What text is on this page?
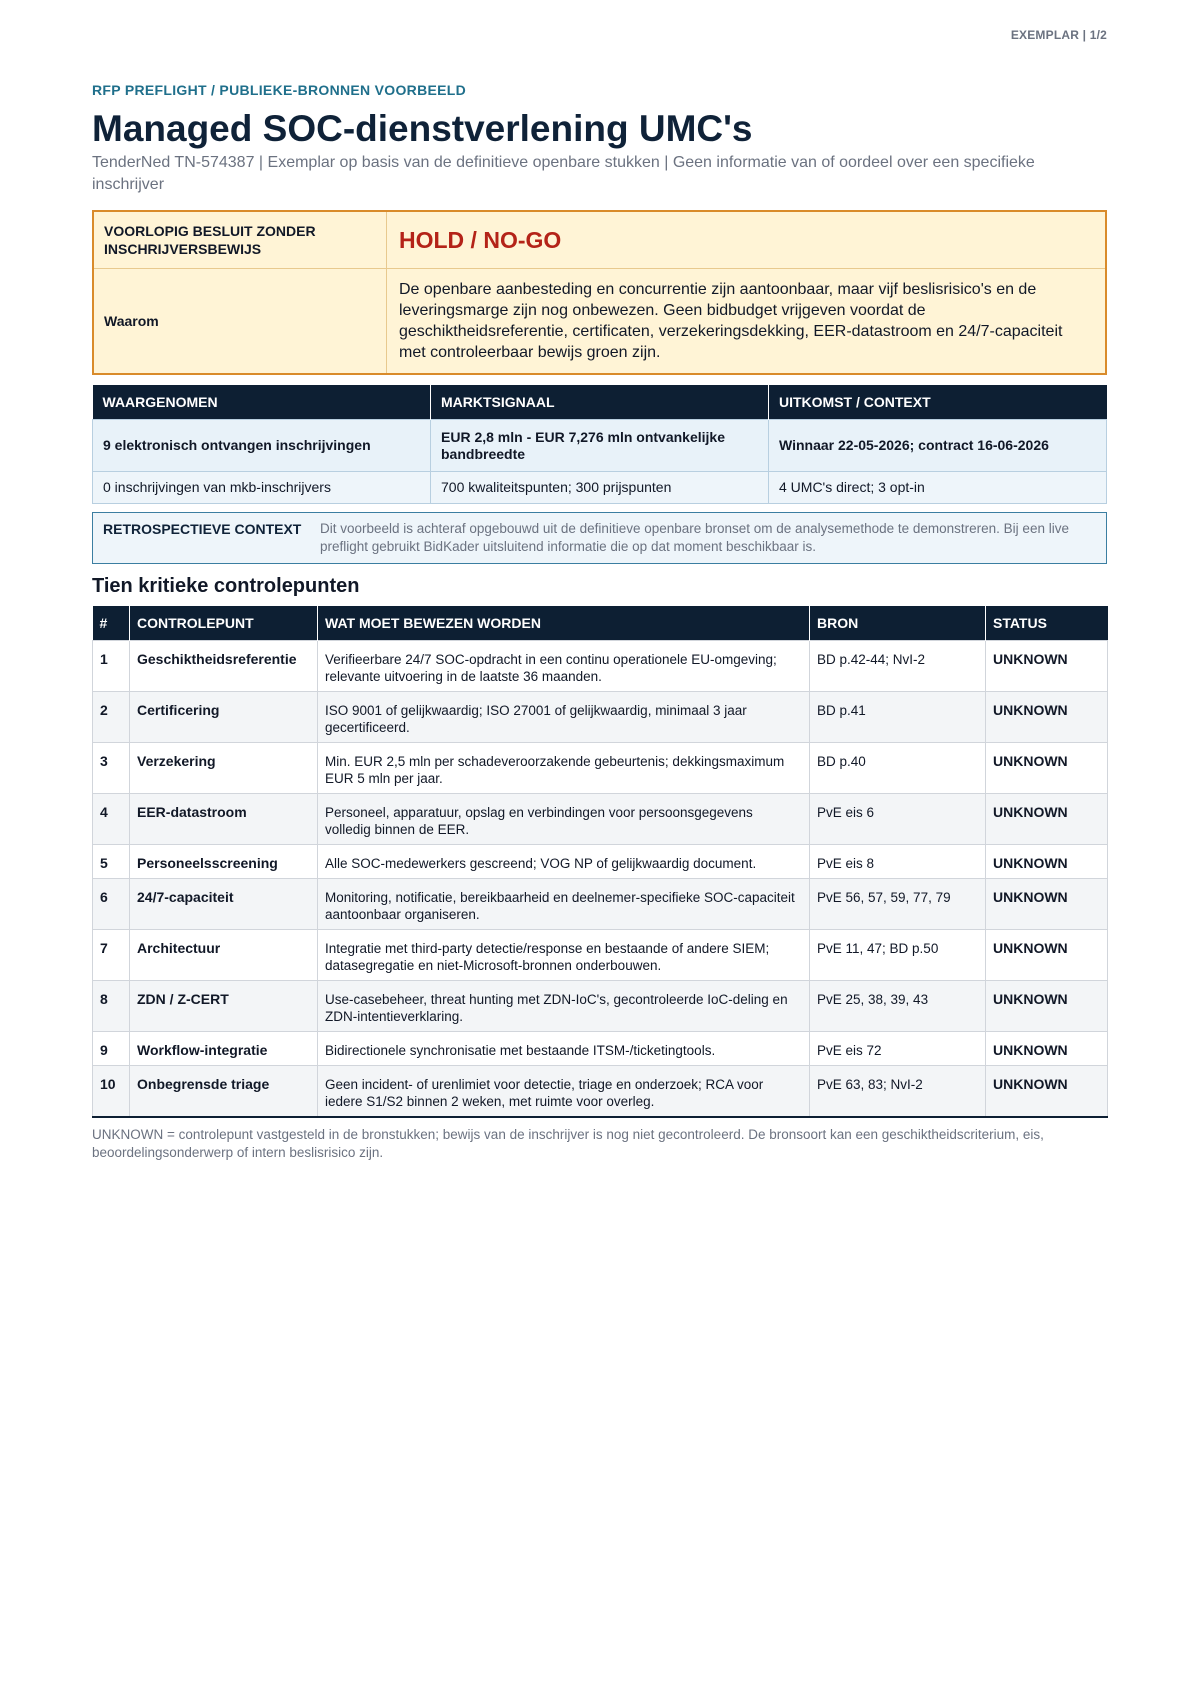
EXEMPLAR | 1/2
RFP PREFLIGHT / PUBLIEKE-BRONNEN VOORBEELD
Managed SOC-dienstverlening UMC's
TenderNed TN-574387 | Exemplar op basis van de definitieve openbare stukken | Geen informatie van of oordeel over een specifieke inschrijver
VOORLOPIG BESLUIT ZONDER INSCHRIJVERSBEWIJS	HOLD / NO-GO
Waarom	De openbare aanbesteding en concurrentie zijn aantoonbaar, maar vijf beslisrisico's en de leveringsmarge zijn nog onbewezen. Geen bidbudget vrijgeven voordat de geschiktheidsreferentie, certificaten, verzekeringsdekking, EER-datastroom en 24/7-capaciteit met controleerbaar bewijs groen zijn.
WAARGENOMEN	MARKTSIGNAAL	UITKOMST / CONTEXT
9 elektronisch ontvangen inschrijvingen	EUR 2,8 mln - EUR 7,276 mln ontvankelijke bandbreedte	Winnaar 22-05-2026; contract 16-06-2026
0 inschrijvingen van mkb-inschrijvers	700 kwaliteitspunten; 300 prijspunten	4 UMC's direct; 3 opt-in
RETROSPECTIEVE CONTEXT	Dit voorbeeld is achteraf opgebouwd uit de definitieve openbare bronset om de analysemethode te demonstreren. Bij een live preflight gebruikt BidKader uitsluitend informatie die op dat moment beschikbaar is.
Tien kritieke controlepunten
#	CONTROLEPUNT	WAT MOET BEWEZEN WORDEN	BRON	STATUS
1	Geschiktheidsreferentie	Verifieerbare 24/7 SOC-opdracht in een continu operationele EU-omgeving; relevante uitvoering in de laatste 36 maanden.	BD p.42-44; NvI-2	UNKNOWN
2	Certificering	ISO 9001 of gelijkwaardig; ISO 27001 of gelijkwaardig, minimaal 3 jaar gecertificeerd.	BD p.41	UNKNOWN
3	Verzekering	Min. EUR 2,5 mln per schadeveroorzakende gebeurtenis; dekkingsmaximum EUR 5 mln per jaar.	BD p.40	UNKNOWN
4	EER-datastroom	Personeel, apparatuur, opslag en verbindingen voor persoonsgegevens volledig binnen de EER.	PvE eis 6	UNKNOWN
5	Personeelsscreening	Alle SOC-medewerkers gescreend; VOG NP of gelijkwaardig document.	PvE eis 8	UNKNOWN
6	24/7-capaciteit	Monitoring, notificatie, bereikbaarheid en deelnemer-specifieke SOC-capaciteit aantoonbaar organiseren.	PvE 56, 57, 59, 77, 79	UNKNOWN
7	Architectuur	Integratie met third-party detectie/response en bestaande of andere SIEM; datasegregatie en niet-Microsoft-bronnen onderbouwen.	PvE 11, 47; BD p.50	UNKNOWN
8	ZDN / Z-CERT	Use-casebeheer, threat hunting met ZDN-IoC's, gecontroleerde IoC-deling en ZDN-intentieverklaring.	PvE 25, 38, 39, 43	UNKNOWN
9	Workflow-integratie	Bidirectionele synchronisatie met bestaande ITSM-/ticketingtools.	PvE eis 72	UNKNOWN
10	Onbegrensde triage	Geen incident- of urenlimiet voor detectie, triage en onderzoek; RCA voor iedere S1/S2 binnen 2 weken, met ruimte voor overleg.	PvE 63, 83; NvI-2	UNKNOWN
UNKNOWN = controlepunt vastgesteld in de bronstukken; bewijs van de inschrijver is nog niet gecontroleerd. De bronsoort kan een geschiktheidscriterium, eis, beoordelingsonderwerp of intern beslisrisico zijn.
